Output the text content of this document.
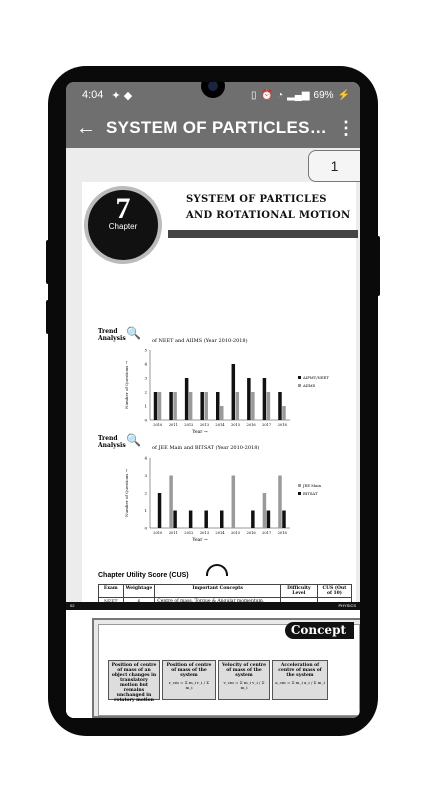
4:04 ✦ ◆	▯ ⏰ ◔ ▂▄▆ 69% ⚡
← SYSTEM OF PARTICLES… ⋮
1
7
Chapter
SYSTEM OF PARTICLES
AND ROTATIONAL MOTION
Trend
Analysis 🔍
of NEET and AIIMS (Year 2010-2018)
0
1
2
3
4
5
2010 2011 2012 2013 2014 2015 2016 2017 2018
Number of Questions →
Year →
AIPMT/NEET
AIIMS
Trend
Analysis 🔍
of JEE Main and BITSAT (Year 2010-2018)
0
1
2
3
4
2010 2011 2012 2013 2014 2015 2016 2017 2018
Number of Questions →
Year →
JEE Main
BITSAT
Chapter Utility Score (CUS)
Exam	Weightage	Important Concepts	Difficulty Level	CUS (Out of 10)

02	PHYSICS
Concept
Position of centre of mass of an object changes in translatory motion but remains unchanged in rotatory motion
Position of centre of mass of the system
r_cm = Σ m_i r_i / Σ m_i
Velocity of centre of mass of the system
v_cm = Σ m_i v_i / Σ m_i
Acceleration of centre of mass of the system
a_cm = Σ m_i a_i / Σ m_i
